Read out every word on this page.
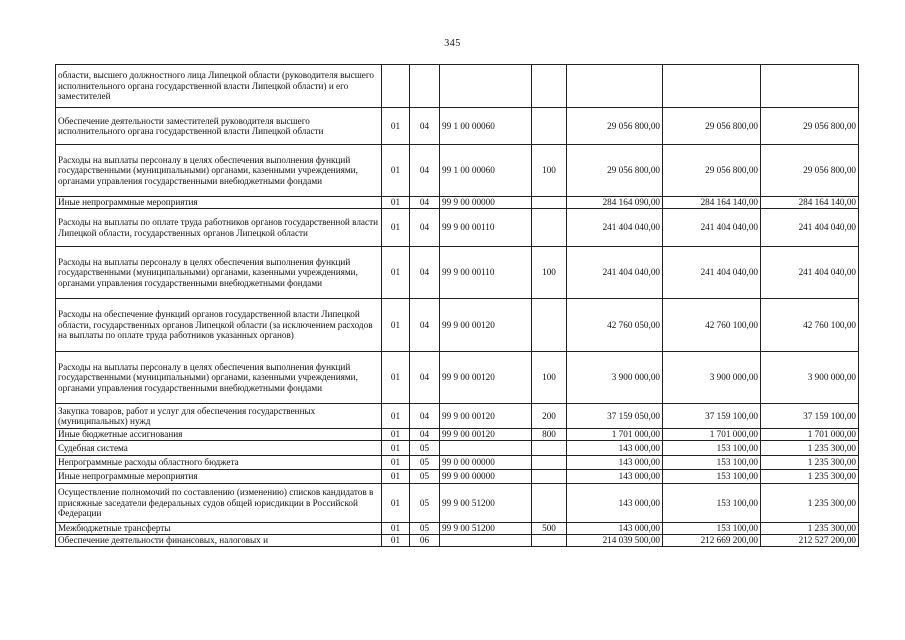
345
области, высшего должностного лица Липецкой области (руководителя высшего исполнительного органа государственной власти Липецкой области) и его заместителей							
Обеспечение деятельности заместителей руководителя высшего исполнительного органа государственной власти Липецкой области	01	04	99 1 00 00060		29 056 800,00	29 056 800,00	29 056 800,00
Расходы на выплаты персоналу в целях обеспечения выполнения функций государственными (муниципальными) органами, казенными учреждениями, органами управления государственными внебюджетными фондами	01	04	99 1 00 00060	100	29 056 800,00	29 056 800,00	29 056 800,00
Иные непрограммные мероприятия	01	04	99 9 00 00000		284 164 090,00	284 164 140,00	284 164 140,00
Расходы на выплаты по оплате труда работников органов государственной власти Липецкой области, государственных органов Липецкой области	01	04	99 9 00 00110		241 404 040,00	241 404 040,00	241 404 040,00
Расходы на выплаты персоналу в целях обеспечения выполнения функций государственными (муниципальными) органами, казенными учреждениями, органами управления государственными внебюджетными фондами	01	04	99 9 00 00110	100	241 404 040,00	241 404 040,00	241 404 040,00
Расходы на обеспечение функций органов государственной власти Липецкой области, государственных органов Липецкой области (за исключением расходов на выплаты по оплате труда работников указанных органов)	01	04	99 9 00 00120		42 760 050,00	42 760 100,00	42 760 100,00
Расходы на выплаты персоналу в целях обеспечения выполнения функций государственными (муниципальными) органами, казенными учреждениями, органами управления государственными внебюджетными фондами	01	04	99 9 00 00120	100	3 900 000,00	3 900 000,00	3 900 000,00
Закупка товаров, работ и услуг для обеспечения государственных (муниципальных) нужд	01	04	99 9 00 00120	200	37 159 050,00	37 159 100,00	37 159 100,00
Иные бюджетные ассигнования	01	04	99 9 00 00120	800	1 701 000,00	1 701 000,00	1 701 000,00
Судебная система	01	05			143 000,00	153 100,00	1 235 300,00
Непрограммные расходы областного бюджета	01	05	99 0 00 00000		143 000,00	153 100,00	1 235 300,00
Иные непрограммные мероприятия	01	05	99 9 00 00000		143 000,00	153 100,00	1 235 300,00
Осуществление полномочий по составлению (изменению) списков кандидатов в присяжные заседатели федеральных судов общей юрисдикции в Российской Федерации	01	05	99 9 00 51200		143 000,00	153 100,00	1 235 300,00
Межбюджетные трансферты	01	05	99 9 00 51200	500	143 000,00	153 100,00	1 235 300,00
Обеспечение деятельности финансовых, налоговых и	01	06			214 039 500,00	212 669 200,00	212 527 200,00
